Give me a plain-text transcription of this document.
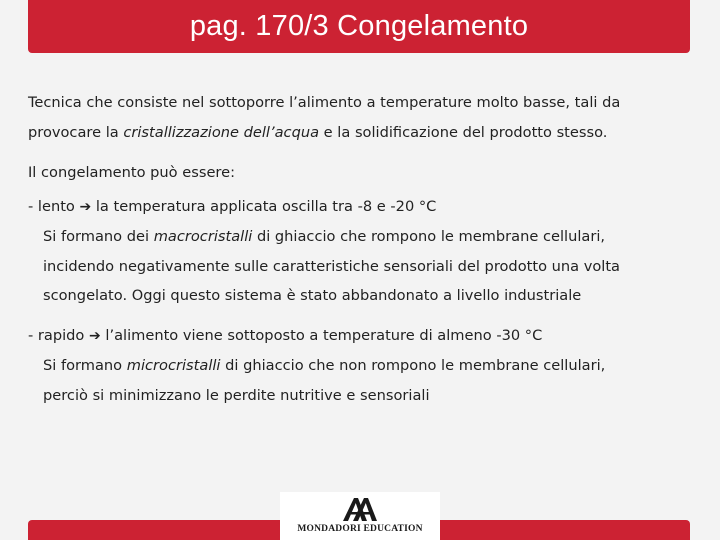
pag. 170/3 Congelamento
Tecnica che consiste nel sottoporre l’alimento a temperature molto basse, tali da
provocare la cristallizzazione dell’acqua e la solidificazione del prodotto stesso.
Il congelamento può essere:
- lento ➔ la temperatura applicata oscilla tra -8 e -20 °C
Si formano dei macrocristalli di ghiaccio che rompono le membrane cellulari,
incidendo negativamente sulle caratteristiche sensoriali del prodotto una volta
scongelato. Oggi questo sistema è stato abbandonato a livello industriale
- rapido ➔ l’alimento viene sottoposto a temperature di almeno -30 °C
Si formano microcristalli di ghiaccio che non rompono le membrane cellulari,
perciò si minimizzano le perdite nutritive e sensoriali
MONDADORI EDUCATION
